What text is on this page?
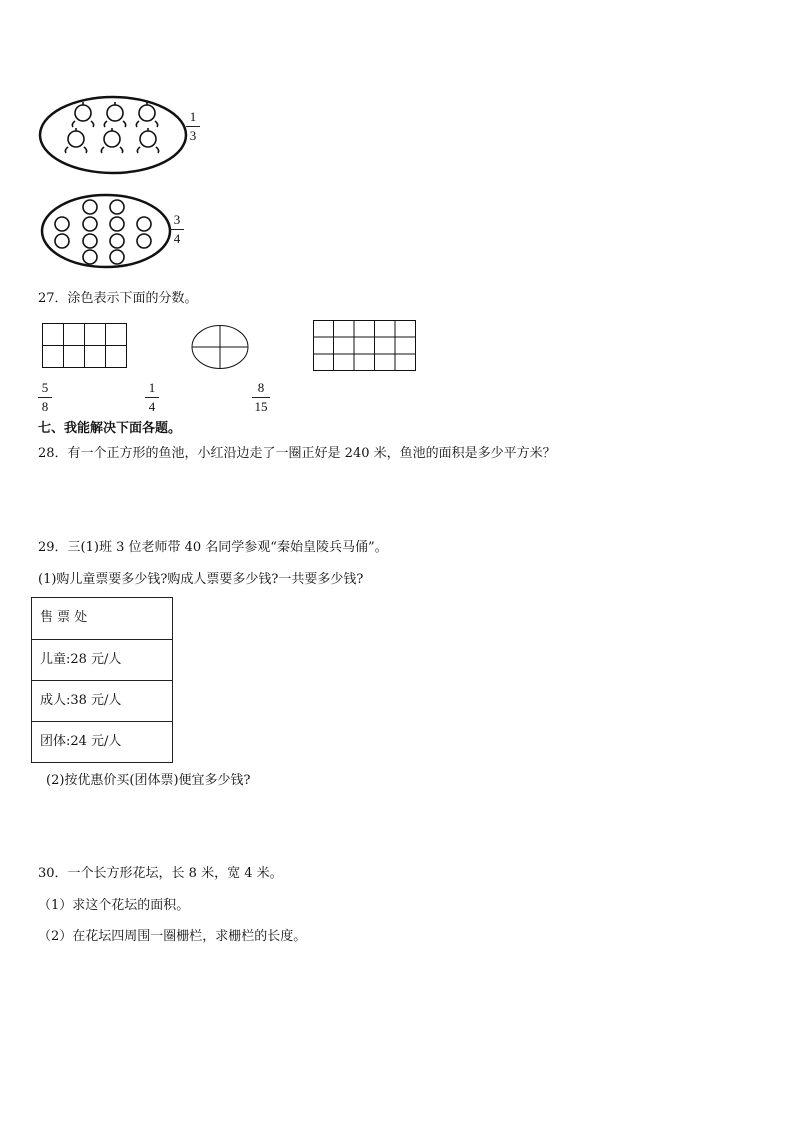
1
3
3
4
27．涂色表示下面的分数。
5
8
1
4
8
15
七、我能解决下面各题。
28．有一个正方形的鱼池，小红沿边走了一圈正好是 240 米，鱼池的面积是多少平方米？
29．三(1)班 3 位老师带 40 名同学参观“秦始皇陵兵马俑”。
(1)购儿童票要多少钱?购成人票要多少钱?一共要多少钱?
售 票 处
儿童:28 元/人
成人:38 元/人
团体:24 元/人
(2)按优惠价买(团体票)便宜多少钱?
30．一个长方形花坛，长 8 米，宽 4 米。
（1）求这个花坛的面积。
（2）在花坛四周围一圈栅栏，求栅栏的长度。
